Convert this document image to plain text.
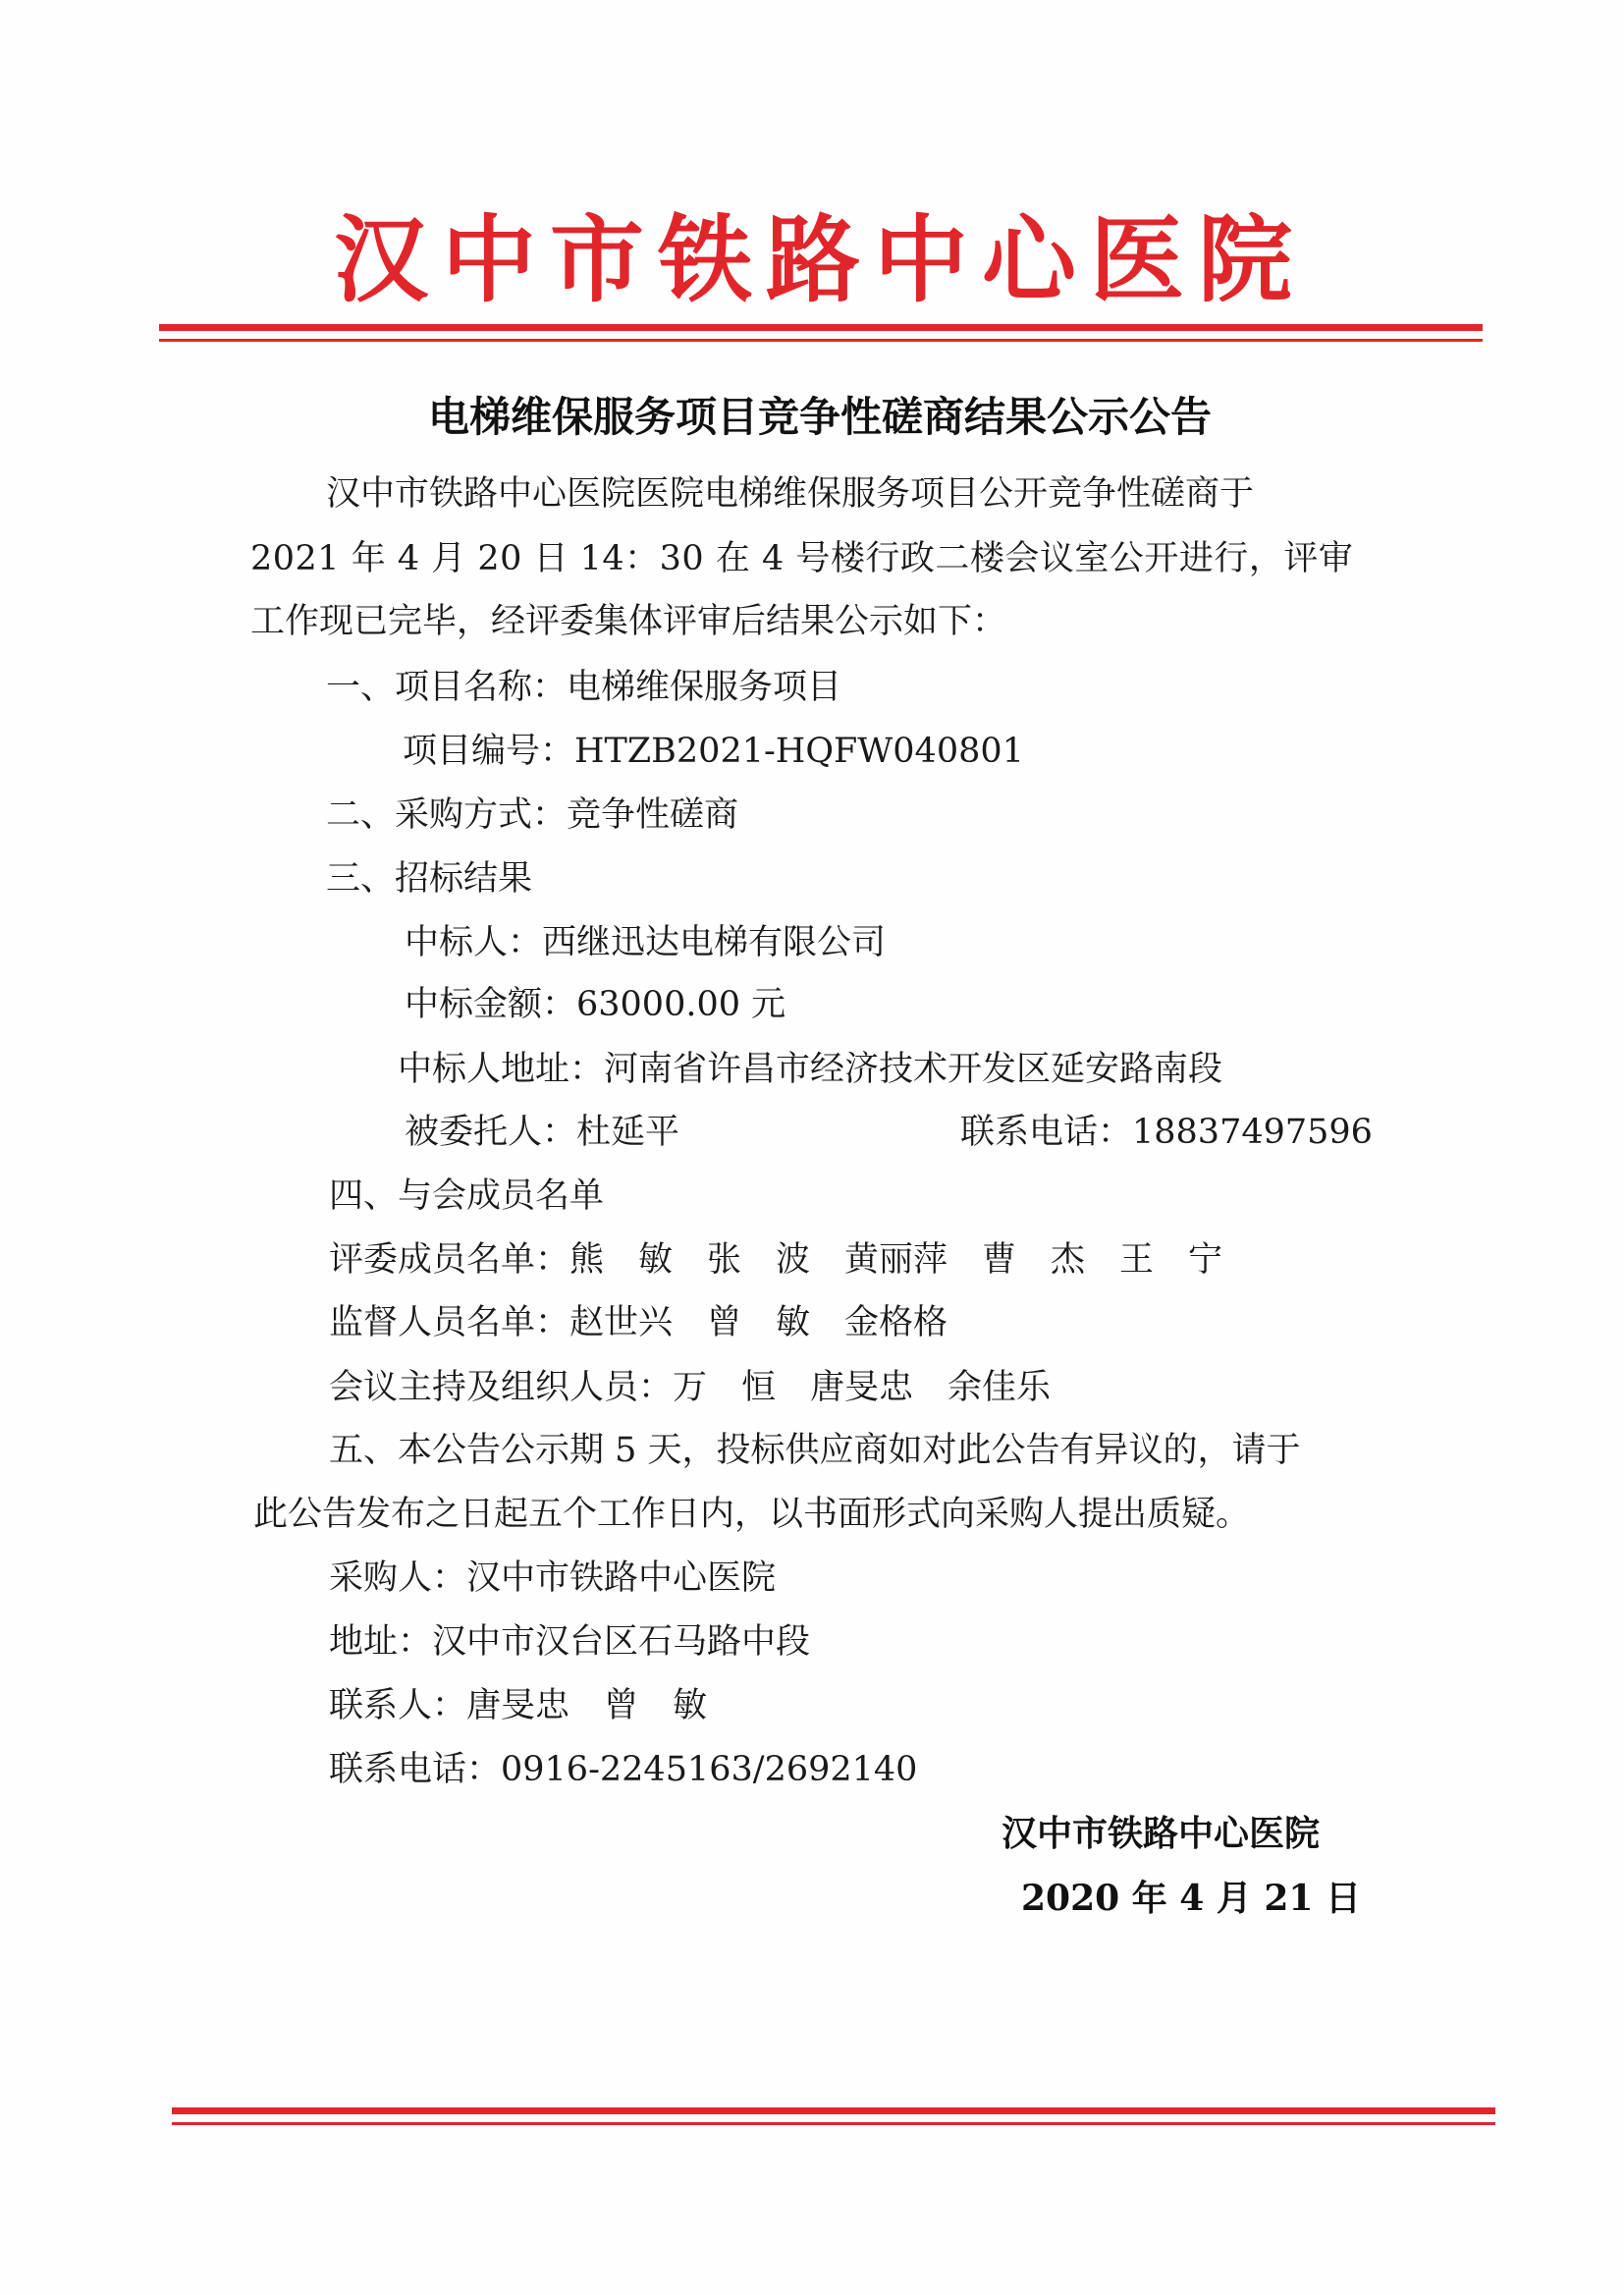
汉中市铁路中心医院
电梯维保服务项目竞争性磋商结果公示公告
汉中市铁路中心医院医院电梯维保服务项目公开竞争性磋商于
2021 年 4 月 20 日 14：30 在 4 号楼行政二楼会议室公开进行，评审
工作现已完毕，经评委集体评审后结果公示如下：
一、项目名称：电梯维保服务项目
项目编号：HTZB2021-HQFW040801
二、采购方式：竞争性磋商
三、招标结果
中标人：西继迅达电梯有限公司
中标金额：63000.00 元
中标人地址：河南省许昌市经济技术开发区延安路南段
被委托人：杜延平	联系电话：18837497596
四、与会成员名单
评委成员名单：熊　敏　张　波　黄丽萍　曹　杰　王　宁
监督人员名单：赵世兴　曾　敏　金格格
会议主持及组织人员：万　恒　唐旻忠　余佳乐
五、本公告公示期 5 天，投标供应商如对此公告有异议的，请于
此公告发布之日起五个工作日内，以书面形式向采购人提出质疑。
采购人：汉中市铁路中心医院
地址：汉中市汉台区石马路中段
联系人：唐旻忠　曾　敏
联系电话：0916-2245163/2692140
汉中市铁路中心医院
2020 年 4 月 21 日
